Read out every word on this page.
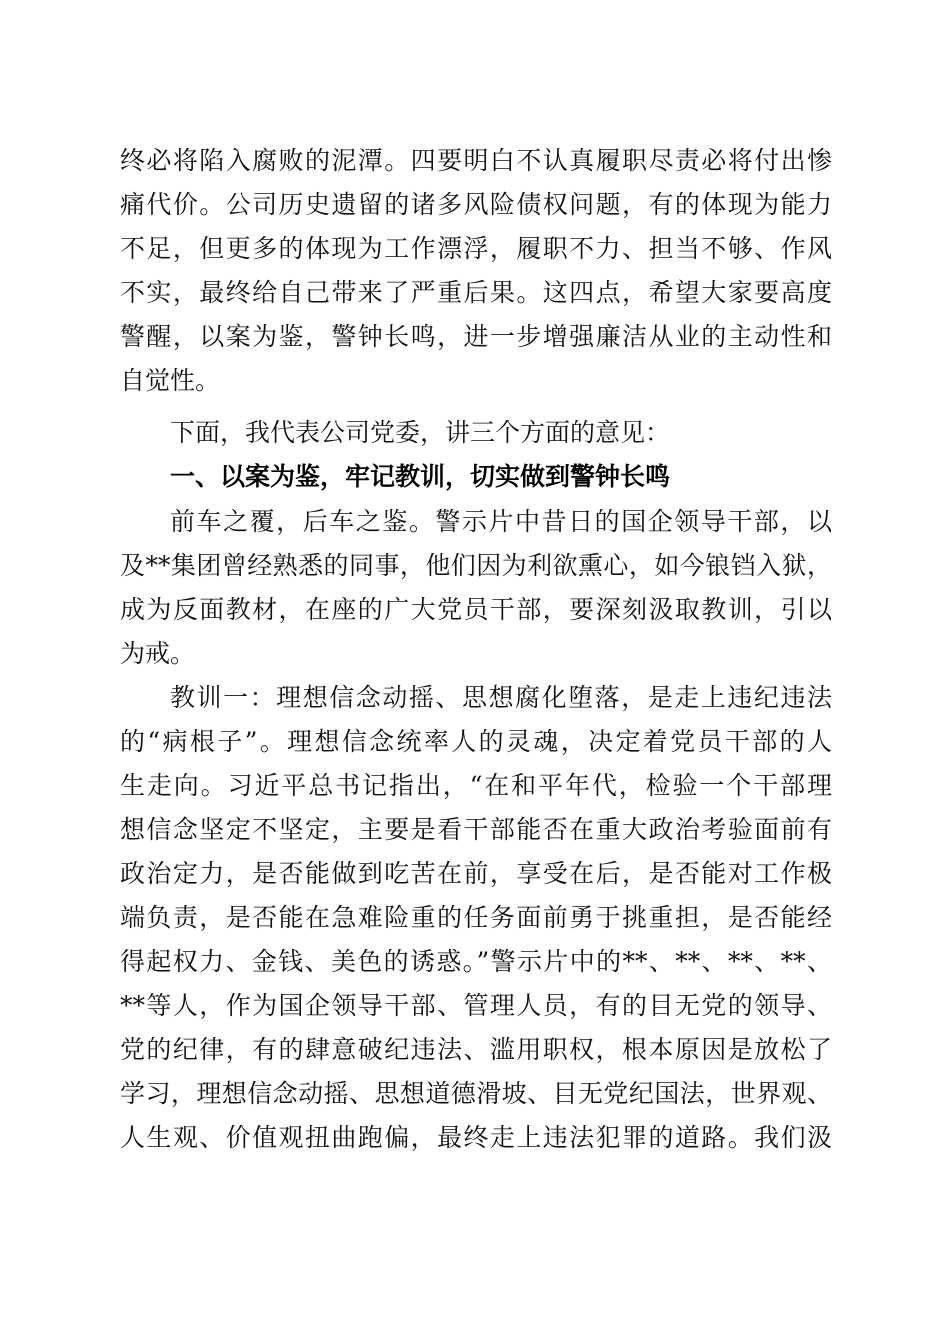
终必将陷入腐败的泥潭。四要明白不认真履职尽责必将付出惨
痛代价。公司历史遗留的诸多风险债权问题，有的体现为能力
不足，但更多的体现为工作漂浮，履职不力、担当不够、作风
不实，最终给自己带来了严重后果。这四点，希望大家要高度
警醒，以案为鉴，警钟长鸣，进一步增强廉洁从业的主动性和
自觉性。
下面，我代表公司党委，讲三个方面的意见：
一、以案为鉴，牢记教训，切实做到警钟长鸣
前车之覆，后车之鉴。警示片中昔日的国企领导干部，以
及**集团曾经熟悉的同事，他们因为利欲熏心，如今锒铛入狱，
成为反面教材，在座的广大党员干部，要深刻汲取教训，引以
为戒。
教训一：理想信念动摇、思想腐化堕落，是走上违纪违法
的“病根子”。理想信念统率人的灵魂，决定着党员干部的人
生走向。习近平总书记指出，“在和平年代，检验一个干部理
想信念坚定不坚定，主要是看干部能否在重大政治考验面前有
政治定力，是否能做到吃苦在前，享受在后，是否能对工作极
端负责，是否能在急难险重的任务面前勇于挑重担，是否能经
得起权力、金钱、美色的诱惑。”警示片中的**、**、**、**、
**等人，作为国企领导干部、管理人员，有的目无党的领导、
党的纪律，有的肆意破纪违法、滥用职权，根本原因是放松了
学习，理想信念动摇、思想道德滑坡、目无党纪国法，世界观、
人生观、价值观扭曲跑偏，最终走上违法犯罪的道路。我们汲
